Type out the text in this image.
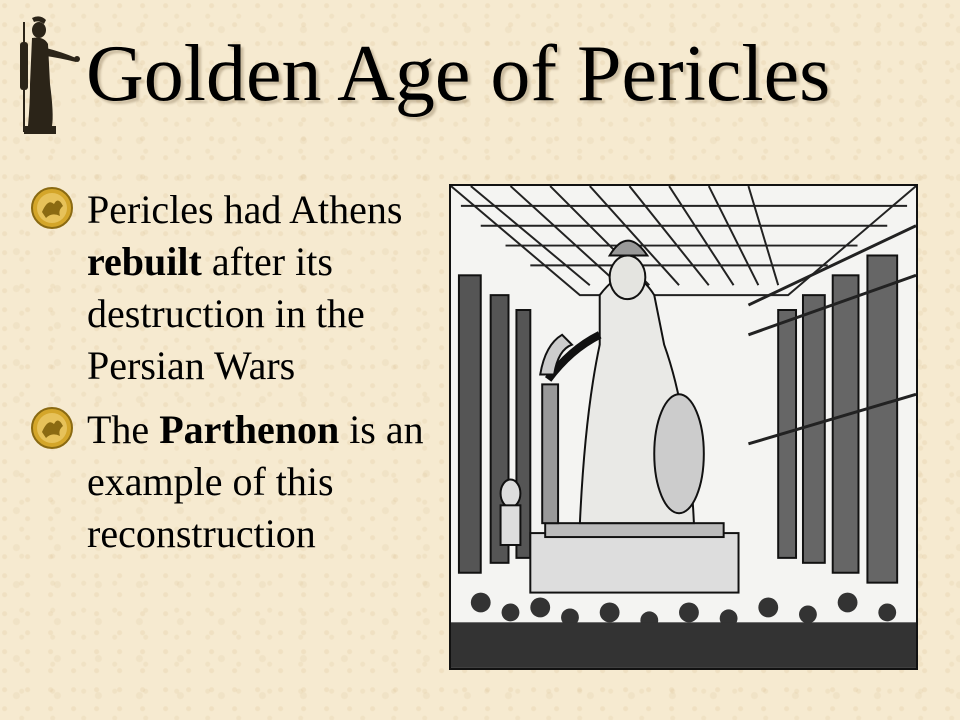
Golden Age of Pericles
Pericles had Athens rebuilt after its destruction in the Persian Wars
The Parthenon is an example of this reconstruction
